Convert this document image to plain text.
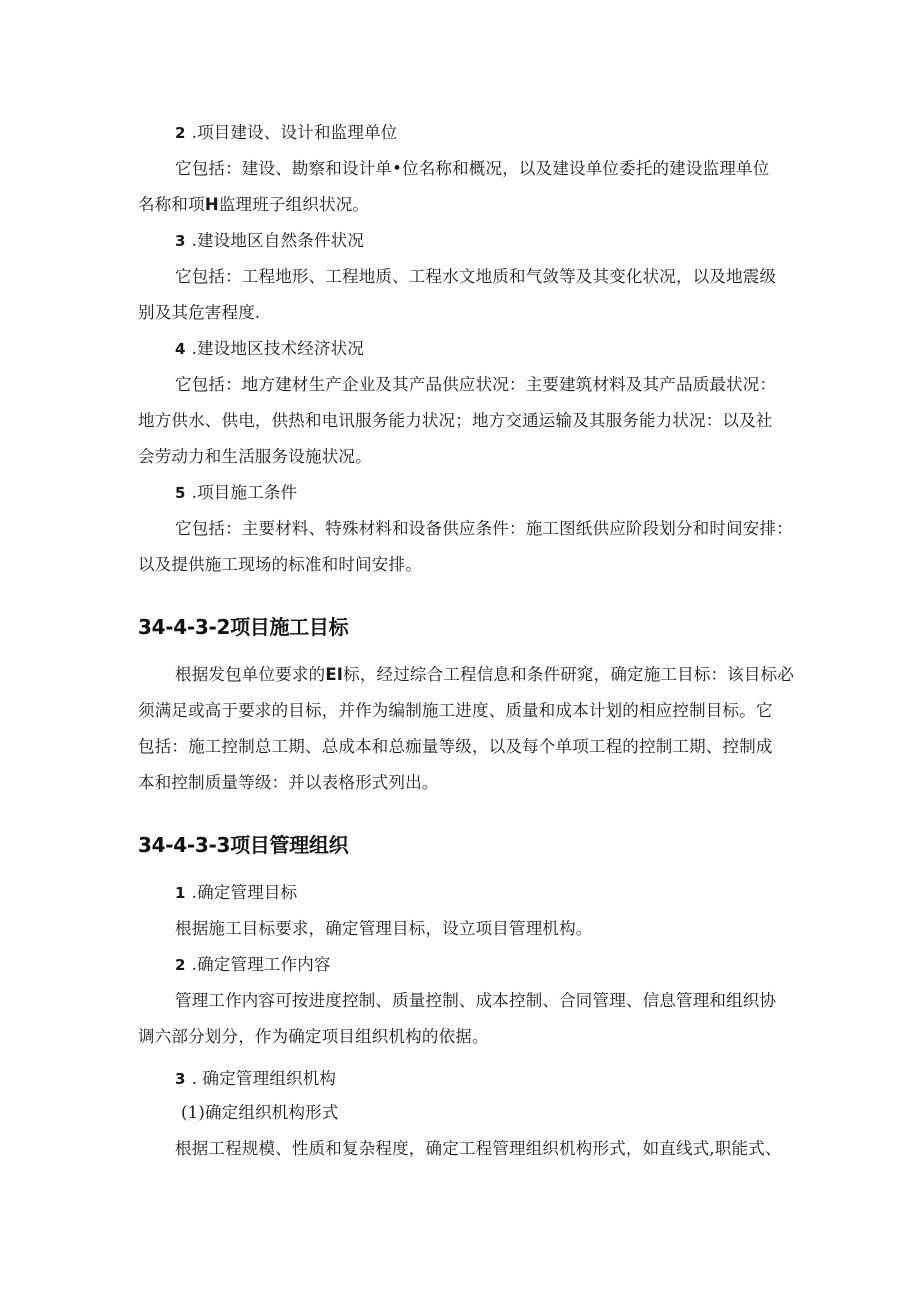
2 .项目建设、设计和监理单位
它包括：建设、勘察和设计单•位名称和概况，以及建设单位委托的建设监理单位
名称和项H监理班子组织状况。
3 .建设地区自然条件状况
它包括：工程地形、工程地质、工程水文地质和气敛等及其变化状况，以及地震级
别及其危害程度.
4 .建设地区技术经济状况
它包括：地方建材生产企业及其产品供应状况：主要建筑材料及其产品质最状况：
地方供水、供电，供热和电讯服务能力状况；地方交通运输及其服务能力状况：以及社
会劳动力和生活服务设施状况。
5 .项目施工条件
它包括：主要材料、特殊材料和设备供应条件：施工图纸供应阶段划分和时间安排：
以及提供施工现场的标准和时间安排。
34-4-3-2项目施工目标
根据发包单位要求的EI标，经过综合工程信息和条件研窕，确定施工目标：该目标必
须满足或高于要求的目标，并作为编制施工进度、质量和成本计划的相应控制目标。它
包括：施工控制总工期、总成本和总痂量等级，以及每个单项工程的控制工期、控制成
本和控制质量等级：并以表格形式列出。
34-4-3-3项目管理组织
1 .确定管理目标
根据施工目标要求，确定管理目标，设立项目管理机构。
2 .确定管理工作内容
管理工作内容可按进度控制、质量控制、成本控制、合同管理、信息管理和组织协
调六部分划分，作为确定项目组织机构的依据。
3 . 确定管理组织机构
(1)确定组织机构形式
根据工程规模、性质和复杂程度，确定工程管理组织机构形式，如直线式,职能式、
